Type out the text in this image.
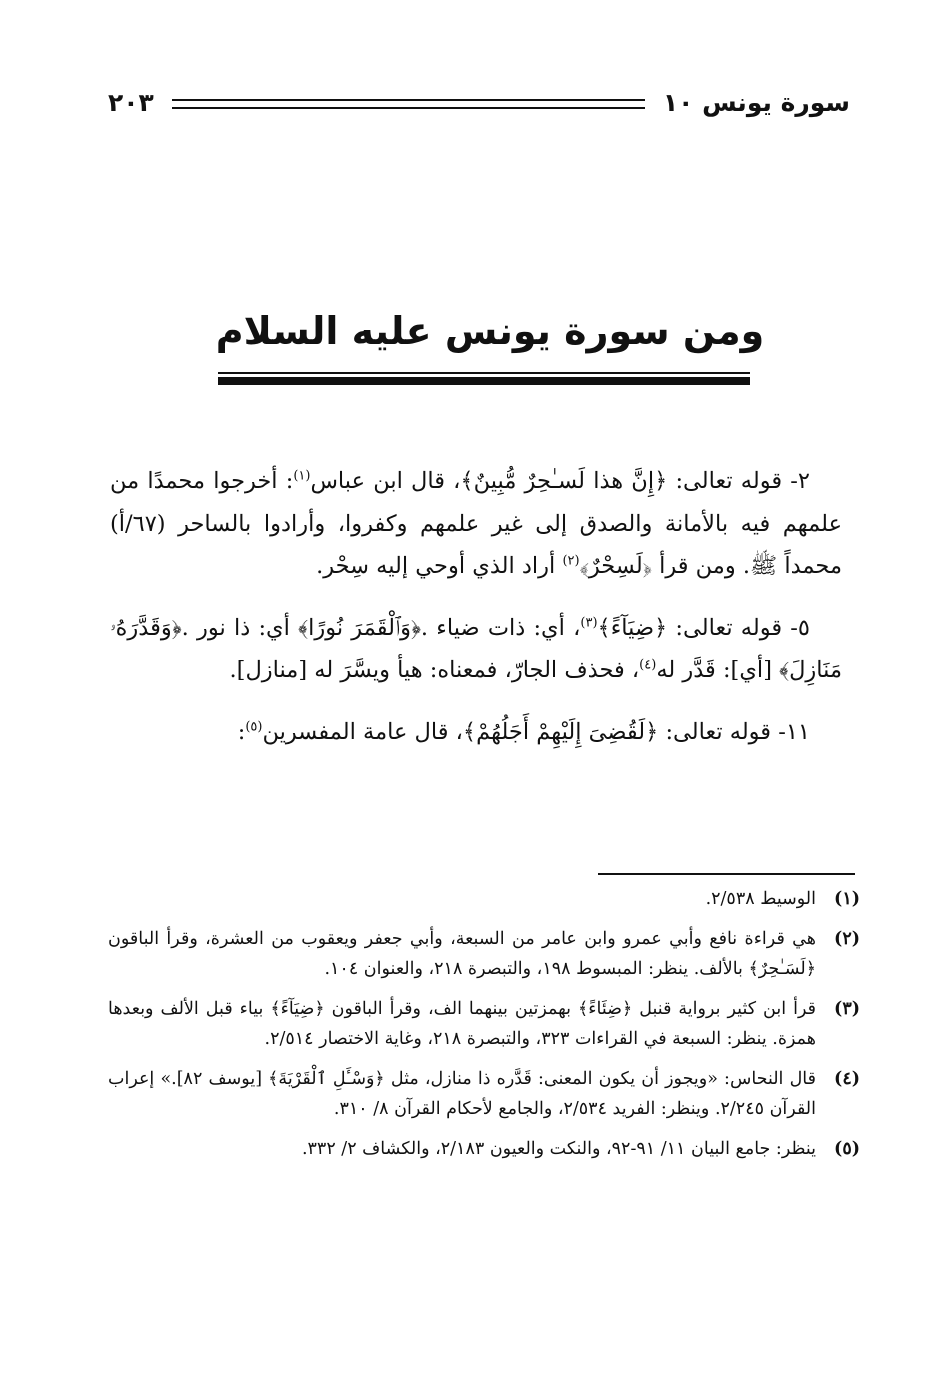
سورة يونس ١٠
٢٠٣
ومن سورة يونس عليه السلام

٢- قوله تعالى: ﴿إِنَّ هذا لَسـٰحِرٌ مُّبِينٌ﴾، قال ابن عباس$^{(١)}$: أخرجوا محمدًا من علمهم فيه بالأمانة والصدق إلى غير علمهم وكفروا، وأرادوا بالساحر (٦٧/أ) محمداً ﷺ. ومن قرأ ﴿لَسِحْرٌ﴾$^{(٢)}$ أراد الذي أوحي إليه سِحْر.

٥- قوله تعالى: ﴿ضِيَآءً﴾$^{(٣)}$، أي: ذات ضياء .﴿وَٱلْقَمَرَ نُورًا﴾ أي: ذا نور .﴿وَقَدَّرَهُۥ مَنَازِلَ﴾ [أي]: قَدَّر له$^{(٤)}$، فحذف الجارّ، فمعناه: هيأ ويسَّرَ له [منازل].

١١- قوله تعالى: ﴿لَقُضِىَ إِلَيْهِمْ أَجَلُهُمْ﴾، قال عامة المفسرين$^{(٥)}$:

(١)
الوسيط ٢/٥٣٨.
(٢)
هي قراءة نافع وأبي عمرو وابن عامر من السبعة، وأبي جعفر ويعقوب من العشرة، وقرأ الباقون ﴿لَسَـٰحِرٌ﴾ بالألف. ينظر: المبسوط ١٩٨، والتبصرة ٢١٨، والعنوان ١٠٤.
(٣)
قرأ ابن كثير برواية قنبل ﴿ضِئَاءً﴾ بهمزتين بينهما الف، وقرأ الباقون ﴿ضِيَآءً﴾ بياء قبل الألف وبعدها همزة. ينظر: السبعة في القراءات ٣٢٣، والتبصرة ٢١٨، وغاية الاختصار ٢/٥١٤.
(٤)
قال النحاس: «ويجوز أن يكون المعنى: قَدَّره ذا منازل، مثل ﴿وَسْـَٔلِ ٱلْقَرْيَةَ﴾ [يوسف ٨٢].» إعراب القرآن ٢/٢٤٥. وينظر: الفريد ٢/٥٣٤، والجامع لأحكام القرآن ٨/ ٣١٠.
(٥)
ينظر: جامع البيان ١١/ ٩١-٩٢، والنكت والعيون ٢/١٨٣، والكشاف ٢/ ٣٣٢.
